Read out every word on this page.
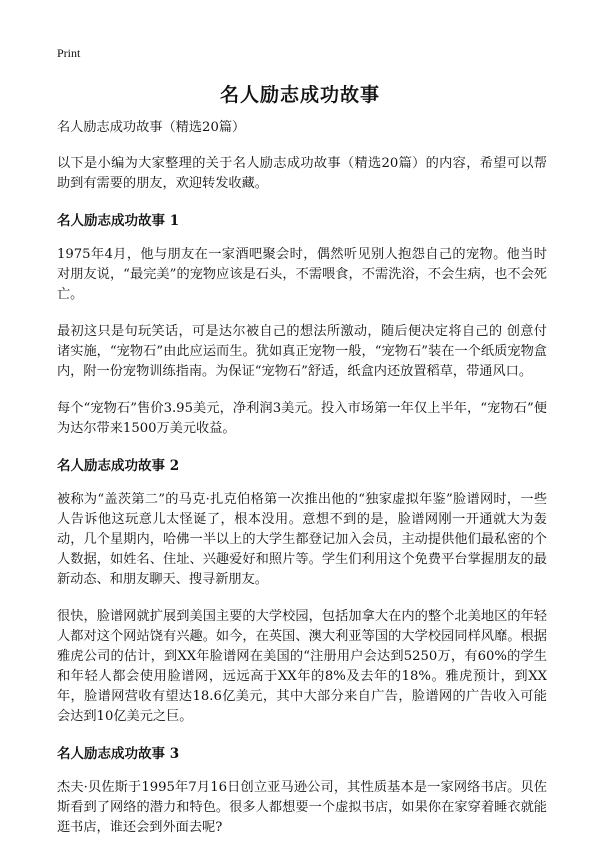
Print
名人励志成功故事

名人励志成功故事（精选20篇）

以下是小编为大家整理的关于名人励志成功故事（精选20篇）的内容，希望可以帮助到有需要的朋友，欢迎转发收藏。

名人励志成功故事 1

1975年4月，他与朋友在一家酒吧聚会时，偶然听见别人抱怨自己的宠物。他当时对朋友说，“最完美”的宠物应该是石头，不需喂食，不需洗浴，不会生病，也不会死亡。

最初这只是句玩笑话，可是达尔被自己的想法所激动，随后便决定将自己的 创意付诸实施，“宠物石”由此应运而生。犹如真正宠物一般，“宠物石”装在一个纸质宠物盒内，附一份宠物训练指南。为保证“宠物石”舒适，纸盒内还放置稻草，带通风口。

每个“宠物石”售价3.95美元，净利润3美元。投入市场第一年仅上半年，“宠物石”便为达尔带来1500万美元收益。

名人励志成功故事 2

被称为“盖茨第二”的马克·扎克伯格第一次推出他的“独家虚拟年鉴”脸谱网时，一些人告诉他这玩意儿太怪诞了，根本没用。意想不到的是，脸谱网刚一开通就大为轰动，几个星期内，哈佛一半以上的大学生都登记加入会员，主动提供他们最私密的个人数据，如姓名、住址、兴趣爱好和照片等。学生们利用这个免费平台掌握朋友的最新动态、和朋友聊天、搜寻新朋友。

很快，脸谱网就扩展到美国主要的大学校园，包括加拿大在内的整个北美地区的年轻人都对这个网站饶有兴趣。如今，在英国、澳大利亚等国的大学校园同样风靡。根据雅虎公司的估计，到XX年脸谱网在美国的“注册用户会达到5250万，有60%的学生和年轻人都会使用脸谱网，远远高于XX年的8%及去年的18%。雅虎预计，到XX年，脸谱网营收有望达18.6亿美元，其中大部分来自广告，脸谱网的广告收入可能会达到10亿美元之巨。

名人励志成功故事 3

杰夫·贝佐斯于1995年7月16日创立亚马逊公司，其性质基本是一家网络书店。贝佐斯看到了网络的潜力和特色。很多人都想要一个虚拟书店，如果你在家穿着睡衣就能逛书店，谁还会到外面去呢?
